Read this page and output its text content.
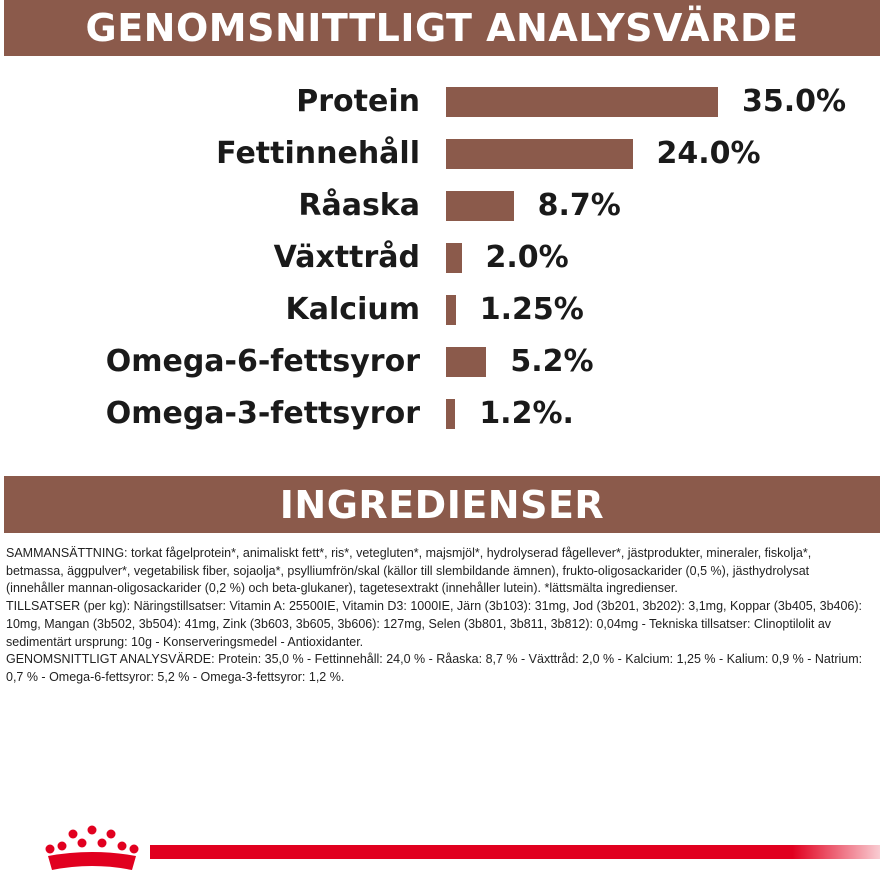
GENOMSNITTLIGT ANALYSVÄRDE
Protein	35.0%
Fettinnehåll	24.0%
Råaska	8.7%
Växttråd 2.0%
Kalcium 1.25%
Omega-6-fettsyror	5.2%
Omega-3-fettsyror 1.2%.
INGREDIENSER

SAMMANSÄTTNING: torkat fågelprotein*, animaliskt fett*, ris*, vetegluten*, majsmjöl*, hydrolyserad fågellever*, jästprodukter, mineraler, fiskolja*, betmassa, äggpulver*, vegetabilisk fiber, sojaolja*, psylliumfrön/skal (källor till slembildande ämnen), frukto-oligosackarider (0,5 %), jästhydrolysat (innehåller mannan-oligosackarider (0,2 %) och beta-glukaner), tagetesextrakt (innehåller lutein). *lättsmälta ingredienser.

TILLSATSER (per kg): Näringstillsatser: Vitamin A: 25500IE, Vitamin D3: 1000IE, Järn (3b103): 31mg, Jod (3b201, 3b202): 3,1mg, Koppar (3b405, 3b406): 10mg, Mangan (3b502, 3b504): 41mg, Zink (3b603, 3b605, 3b606): 127mg, Selen (3b801, 3b811, 3b812): 0,04mg - Tekniska tillsatser: Clinoptilolit av sedimentärt ursprung: 10g - Konserveringsmedel - Antioxidanter.

GENOMSNITTLIGT ANALYSVÄRDE: Protein: 35,0 % - Fettinnehåll: 24,0 % - Råaska: 8,7 % - Växttråd: 2,0 % - Kalcium: 1,25 % - Kalium: 0,9 % - Natrium: 0,7 % - Omega-6-fettsyror: 5,2 % - Omega-3-fettsyror: 1,2 %.
